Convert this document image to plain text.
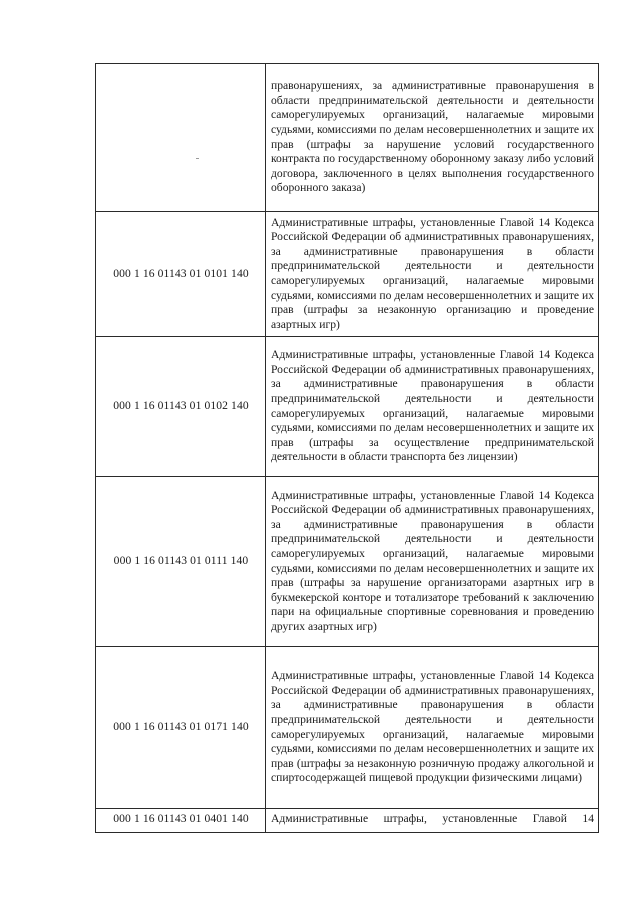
	правонарушениях, за административные правонарушения в области предпринимательской деятельности и деятельности саморегулируемых организаций, налагаемые мировыми судьями, комиссиями по делам несовершеннолетних и защите их прав (штрафы за нарушение условий государственного контракта по государственному оборонному заказу либо условий договора, заключенного в целях выполнения государственного оборонного заказа)
000 1 16 01143 01 0101 140	Административные штрафы, установленные Главой 14 Кодекса Российской Федерации об административных правонарушениях, за административные правонарушения в области предпринимательской деятельности и деятельности саморегулируемых организаций, налагаемые мировыми судьями, комиссиями по делам несовершеннолетних и защите их прав (штрафы за незаконную организацию и проведение азартных игр)
000 1 16 01143 01 0102 140	Административные штрафы, установленные Главой 14 Кодекса Российской Федерации об административных правонарушениях, за административные правонарушения в области предпринимательской деятельности и деятельности саморегулируемых организаций, налагаемые мировыми судьями, комиссиями по делам несовершеннолетних и защите их прав (штрафы за осуществление предпринимательской деятельности в области транспорта без лицензии)
000 1 16 01143 01 0111 140	Административные штрафы, установленные Главой 14 Кодекса Российской Федерации об административных правонарушениях, за административные правонарушения в области предпринимательской деятельности и деятельности саморегулируемых организаций, налагаемые мировыми судьями, комиссиями по делам несовершеннолетних и защите их прав (штрафы за нарушение организаторами азартных игр в букмекерской конторе и тотализаторе требований к заключению пари на официальные спортивные соревнования и проведению других азартных игр)
000 1 16 01143 01 0171 140	Административные штрафы, установленные Главой 14 Кодекса Российской Федерации об административных правонарушениях, за административные правонарушения в области предпринимательской деятельности и деятельности саморегулируемых организаций, налагаемые мировыми судьями, комиссиями по делам несовершеннолетних и защите их прав (штрафы за незаконную розничную продажу алкогольной и спиртосодержащей пищевой продукции физическими лицами)
000 1 16 01143 01 0401 140	Административные штрафы, установленные Главой 14
